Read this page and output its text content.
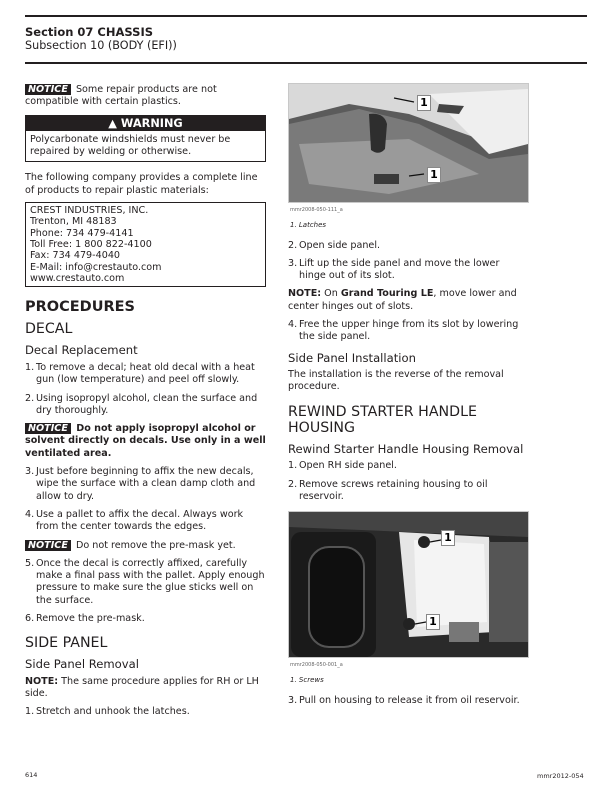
Section 07 CHASSIS
Subsection 10 (BODY (EFI))

NOTICE Some repair products are not compatible with certain plastics.

▲ WARNING
Polycarbonate windshields must never be repaired by welding or otherwise.

The following company provides a complete line of products to repair plastic materials:

CREST INDUSTRIES, INC.
Trenton, MI 48183
Phone: 734 479-4141
Toll Free: 1 800 822-4100
Fax: 734 479-4040
E-Mail: info@crestauto.com
www.crestauto.com
PROCEDURES
DECAL
Decal Replacement
1. To remove a decal; heat old decal with a heat gun (low temperature) and peel off slowly.
2. Using isopropyl alcohol, clean the surface and dry thoroughly.

NOTICE Do not apply isopropyl alcohol or solvent directly on decals. Use only in a well ventilated area.

3. Just before beginning to affix the new decals, wipe the surface with a clean damp cloth and allow to dry.
4. Use a pallet to affix the decal. Always work from the center towards the edges.

NOTICE Do not remove the pre-mask yet.

5. Once the decal is correctly affixed, carefully make a final pass with the pallet. Apply enough pressure to make sure the glue sticks well on the surface.
6. Remove the pre-mask.
SIDE PANEL
Side Panel Removal

NOTE: The same procedure applies for RH or LH side.

1. Stretch and unhook the latches.
1
1
mmr2008-050-111_a
1. Latches
2. Open side panel.
3. Lift up the side panel and move the lower hinge out of its slot.

NOTE: On Grand Touring LE, move lower and center hinges out of slots.

4. Free the upper hinge from its slot by lowering the side panel.
Side Panel Installation

The installation is the reverse of the removal procedure.

REWIND STARTER HANDLE HOUSING
Rewind Starter Handle Housing Removal
1. Open RH side panel.
2. Remove screws retaining housing to oil reservoir.
1
1
mmr2008-050-001_a
1. Screws
3. Pull on housing to release it from oil reservoir.
614	mmr2012-054
